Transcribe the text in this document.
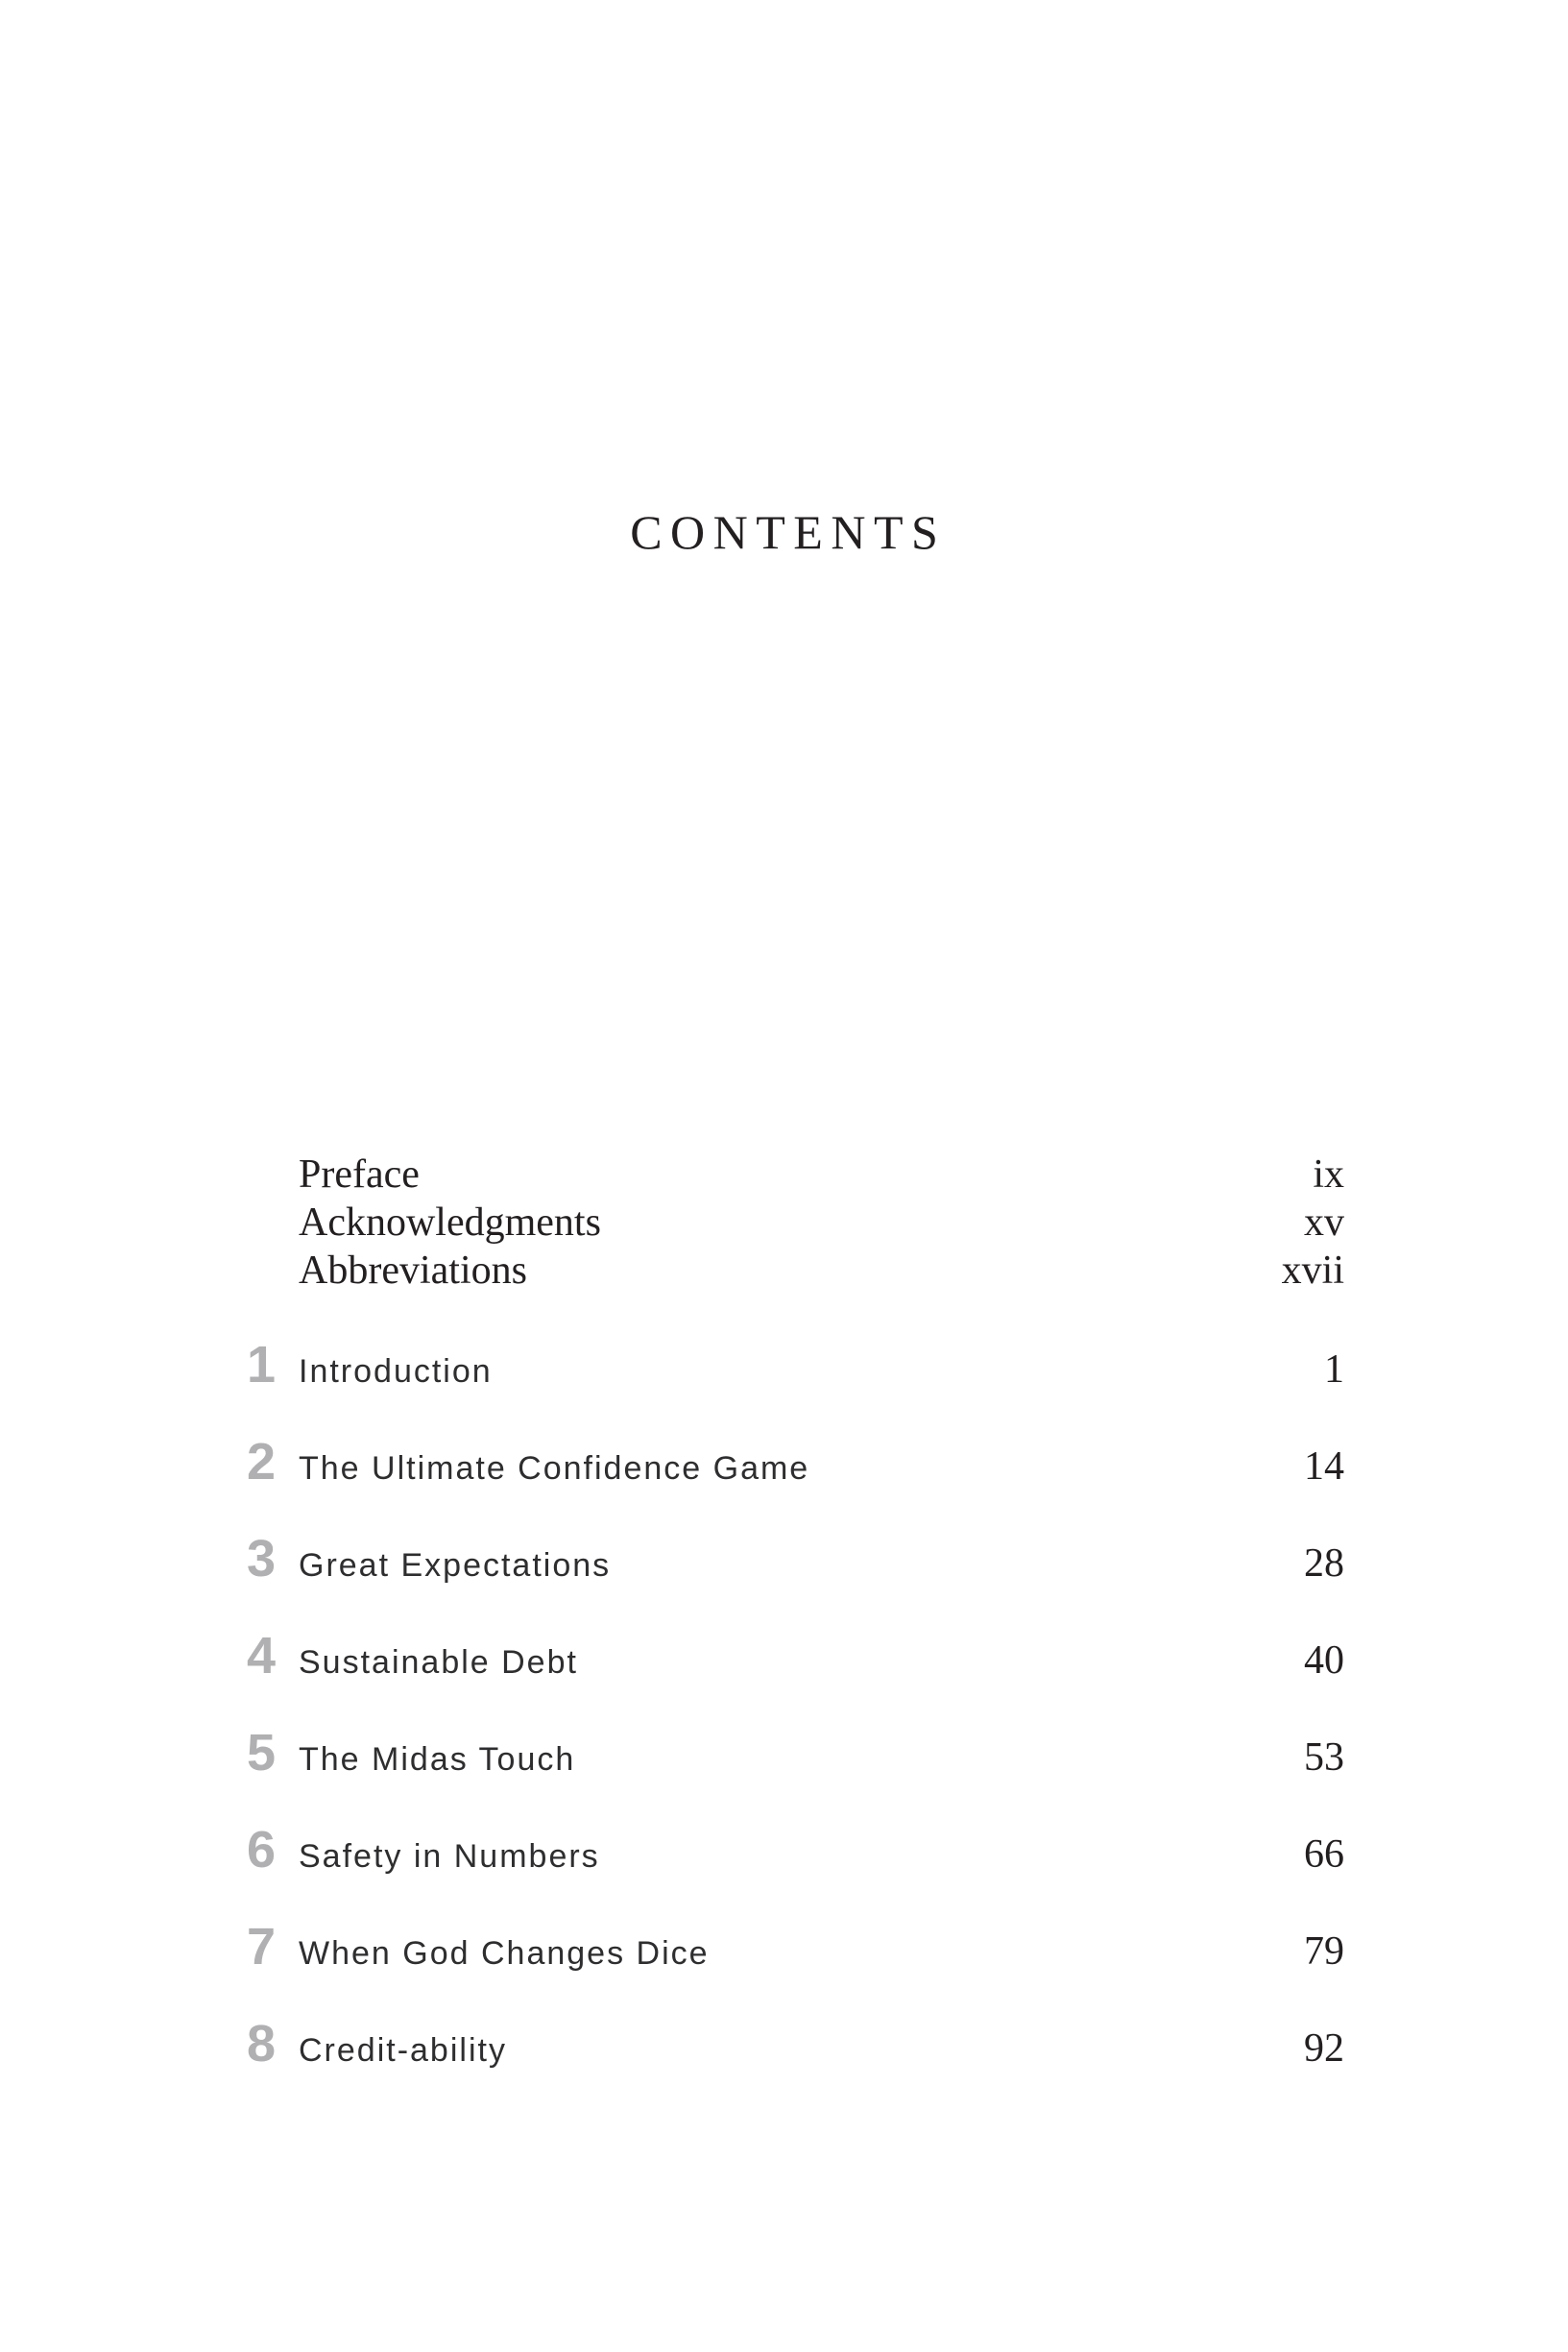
CONTENTS
Preface	ix
Acknowledgments	xv
Abbreviations	xvii
1 Introduction	1
2 The Ultimate Confidence Game	14
3 Great Expectations	28
4 Sustainable Debt	40
5 The Midas Touch	53
6 Safety in Numbers	66
7 When God Changes Dice	79
8 Credit-ability	92
